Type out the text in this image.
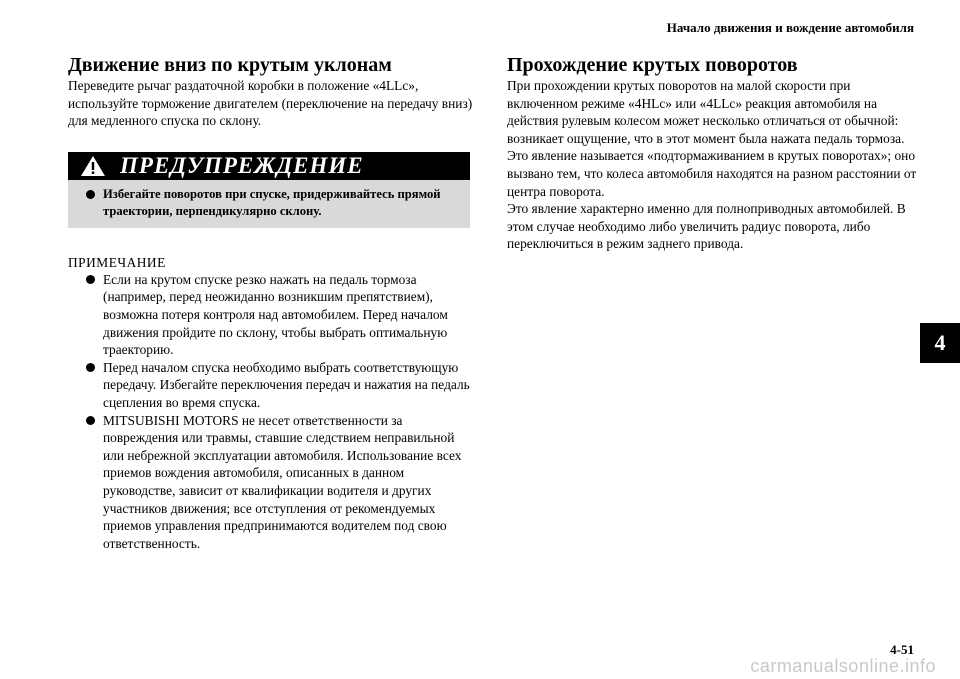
Начало движения и вождение автомобиля
Движение вниз по крутым уклонам

Переведите рычаг раздаточной коробки в положение «4LLc», используйте торможение двигателем (переключение на передачу вниз) для медленного спуска по склону.

ПРЕДУПРЕЖДЕНИЕ
Избегайте поворотов при спуске, придерживайтесь прямой траектории, перпендикулярно склону.
ПРИМЕЧАНИЕ
Если на крутом спуске резко нажать на педаль тормоза (например, перед неожиданно возникшим препятствием), возможна потеря контроля над автомобилем. Перед началом движения пройдите по склону, чтобы выбрать оптимальную траекторию.
Перед началом спуска необходимо выбрать соответствующую передачу. Избегайте переключения передач и нажатия на педаль сцепления во время спуска.
MITSUBISHI MOTORS не несет ответственности за повреждения или травмы, ставшие следствием неправильной или небрежной эксплуатации автомобиля. Использование всех приемов вождения автомобиля, описанных в данном руководстве, зависит от квалификации водителя и других участников движения; все отступления от рекомендуемых приемов управления предпринимаются водителем под свою ответственность.
Прохождение крутых поворотов

При прохождении крутых поворотов на малой скорости при включенном режиме «4HLc» или «4LLc» реакция автомобиля на действия рулевым колесом может несколько отличаться от обычной: возникает ощущение, что в этот момент была нажата педаль тормоза. Это явление называется «подтормаживанием в крутых поворотах»; оно вызвано тем, что колеса автомобиля находятся на разном расстоянии от центра поворота.

Это явление характерно именно для полноприводных автомобилей. В этом случае необходимо либо увеличить радиус поворота, либо переключиться в режим заднего привода.

4
4-51
carmanualsonline.info
